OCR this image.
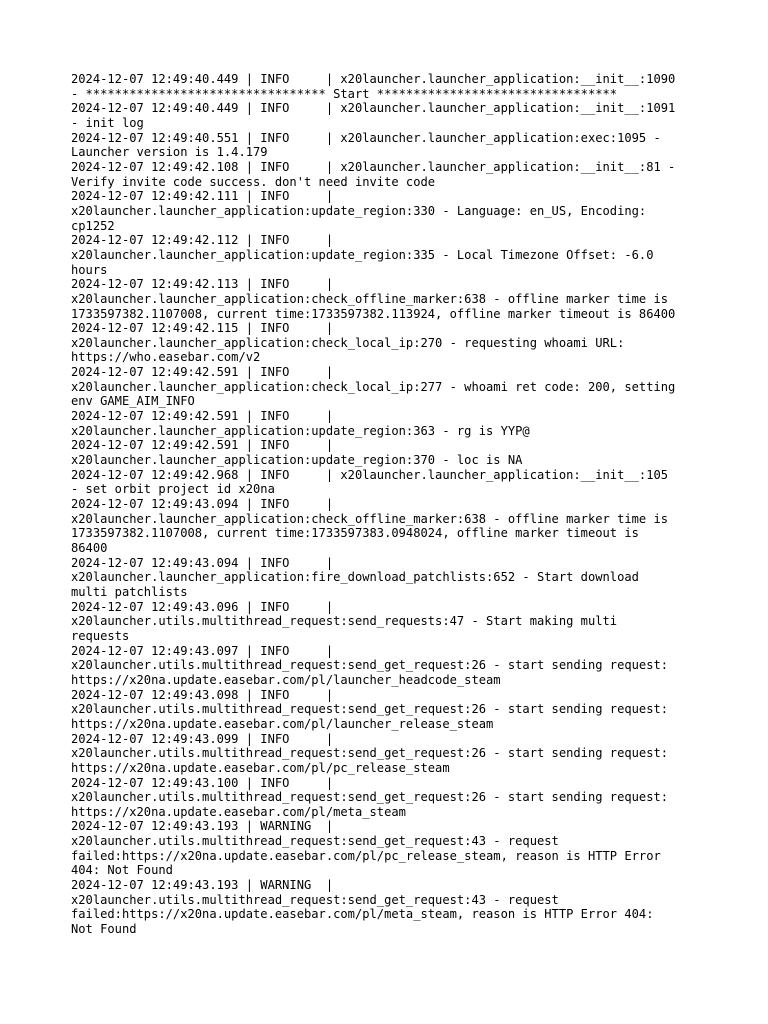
2024-12-07 12:49:40.449 | INFO     | x20launcher.launcher_application:__init__:1090

- ********************************* Start *********************************

2024-12-07 12:49:40.449 | INFO     | x20launcher.launcher_application:__init__:1091

- init log

2024-12-07 12:49:40.551 | INFO     | x20launcher.launcher_application:exec:1095 -

Launcher version is 1.4.179

2024-12-07 12:49:42.108 | INFO     | x20launcher.launcher_application:__init__:81 -

Verify invite code success. don't need invite code

2024-12-07 12:49:42.111 | INFO     |

x20launcher.launcher_application:update_region:330 - Language: en_US, Encoding:

cp1252

2024-12-07 12:49:42.112 | INFO     |

x20launcher.launcher_application:update_region:335 - Local Timezone Offset: -6.0

hours

2024-12-07 12:49:42.113 | INFO     |

x20launcher.launcher_application:check_offline_marker:638 - offline marker time is

1733597382.1107008, current time:1733597382.113924, offline marker timeout is 86400

2024-12-07 12:49:42.115 | INFO     |

x20launcher.launcher_application:check_local_ip:270 - requesting whoami URL:

https://who.easebar.com/v2

2024-12-07 12:49:42.591 | INFO     |

x20launcher.launcher_application:check_local_ip:277 - whoami ret code: 200, setting

env GAME_AIM_INFO

2024-12-07 12:49:42.591 | INFO     |

x20launcher.launcher_application:update_region:363 - rg is YYP@

2024-12-07 12:49:42.591 | INFO     |

x20launcher.launcher_application:update_region:370 - loc is NA

2024-12-07 12:49:42.968 | INFO     | x20launcher.launcher_application:__init__:105

- set orbit project id x20na

2024-12-07 12:49:43.094 | INFO     |

x20launcher.launcher_application:check_offline_marker:638 - offline marker time is

1733597382.1107008, current time:1733597383.0948024, offline marker timeout is

86400

2024-12-07 12:49:43.094 | INFO     |

x20launcher.launcher_application:fire_download_patchlists:652 - Start download

multi patchlists

2024-12-07 12:49:43.096 | INFO     |

x20launcher.utils.multithread_request:send_requests:47 - Start making multi

requests

2024-12-07 12:49:43.097 | INFO     |

x20launcher.utils.multithread_request:send_get_request:26 - start sending request:

https://x20na.update.easebar.com/pl/launcher_headcode_steam

2024-12-07 12:49:43.098 | INFO     |

x20launcher.utils.multithread_request:send_get_request:26 - start sending request:

https://x20na.update.easebar.com/pl/launcher_release_steam

2024-12-07 12:49:43.099 | INFO     |

x20launcher.utils.multithread_request:send_get_request:26 - start sending request:

https://x20na.update.easebar.com/pl/pc_release_steam

2024-12-07 12:49:43.100 | INFO     |

x20launcher.utils.multithread_request:send_get_request:26 - start sending request:

https://x20na.update.easebar.com/pl/meta_steam

2024-12-07 12:49:43.193 | WARNING  |

x20launcher.utils.multithread_request:send_get_request:43 - request

failed:https://x20na.update.easebar.com/pl/pc_release_steam, reason is HTTP Error

404: Not Found

2024-12-07 12:49:43.193 | WARNING  |

x20launcher.utils.multithread_request:send_get_request:43 - request

failed:https://x20na.update.easebar.com/pl/meta_steam, reason is HTTP Error 404:

Not Found
